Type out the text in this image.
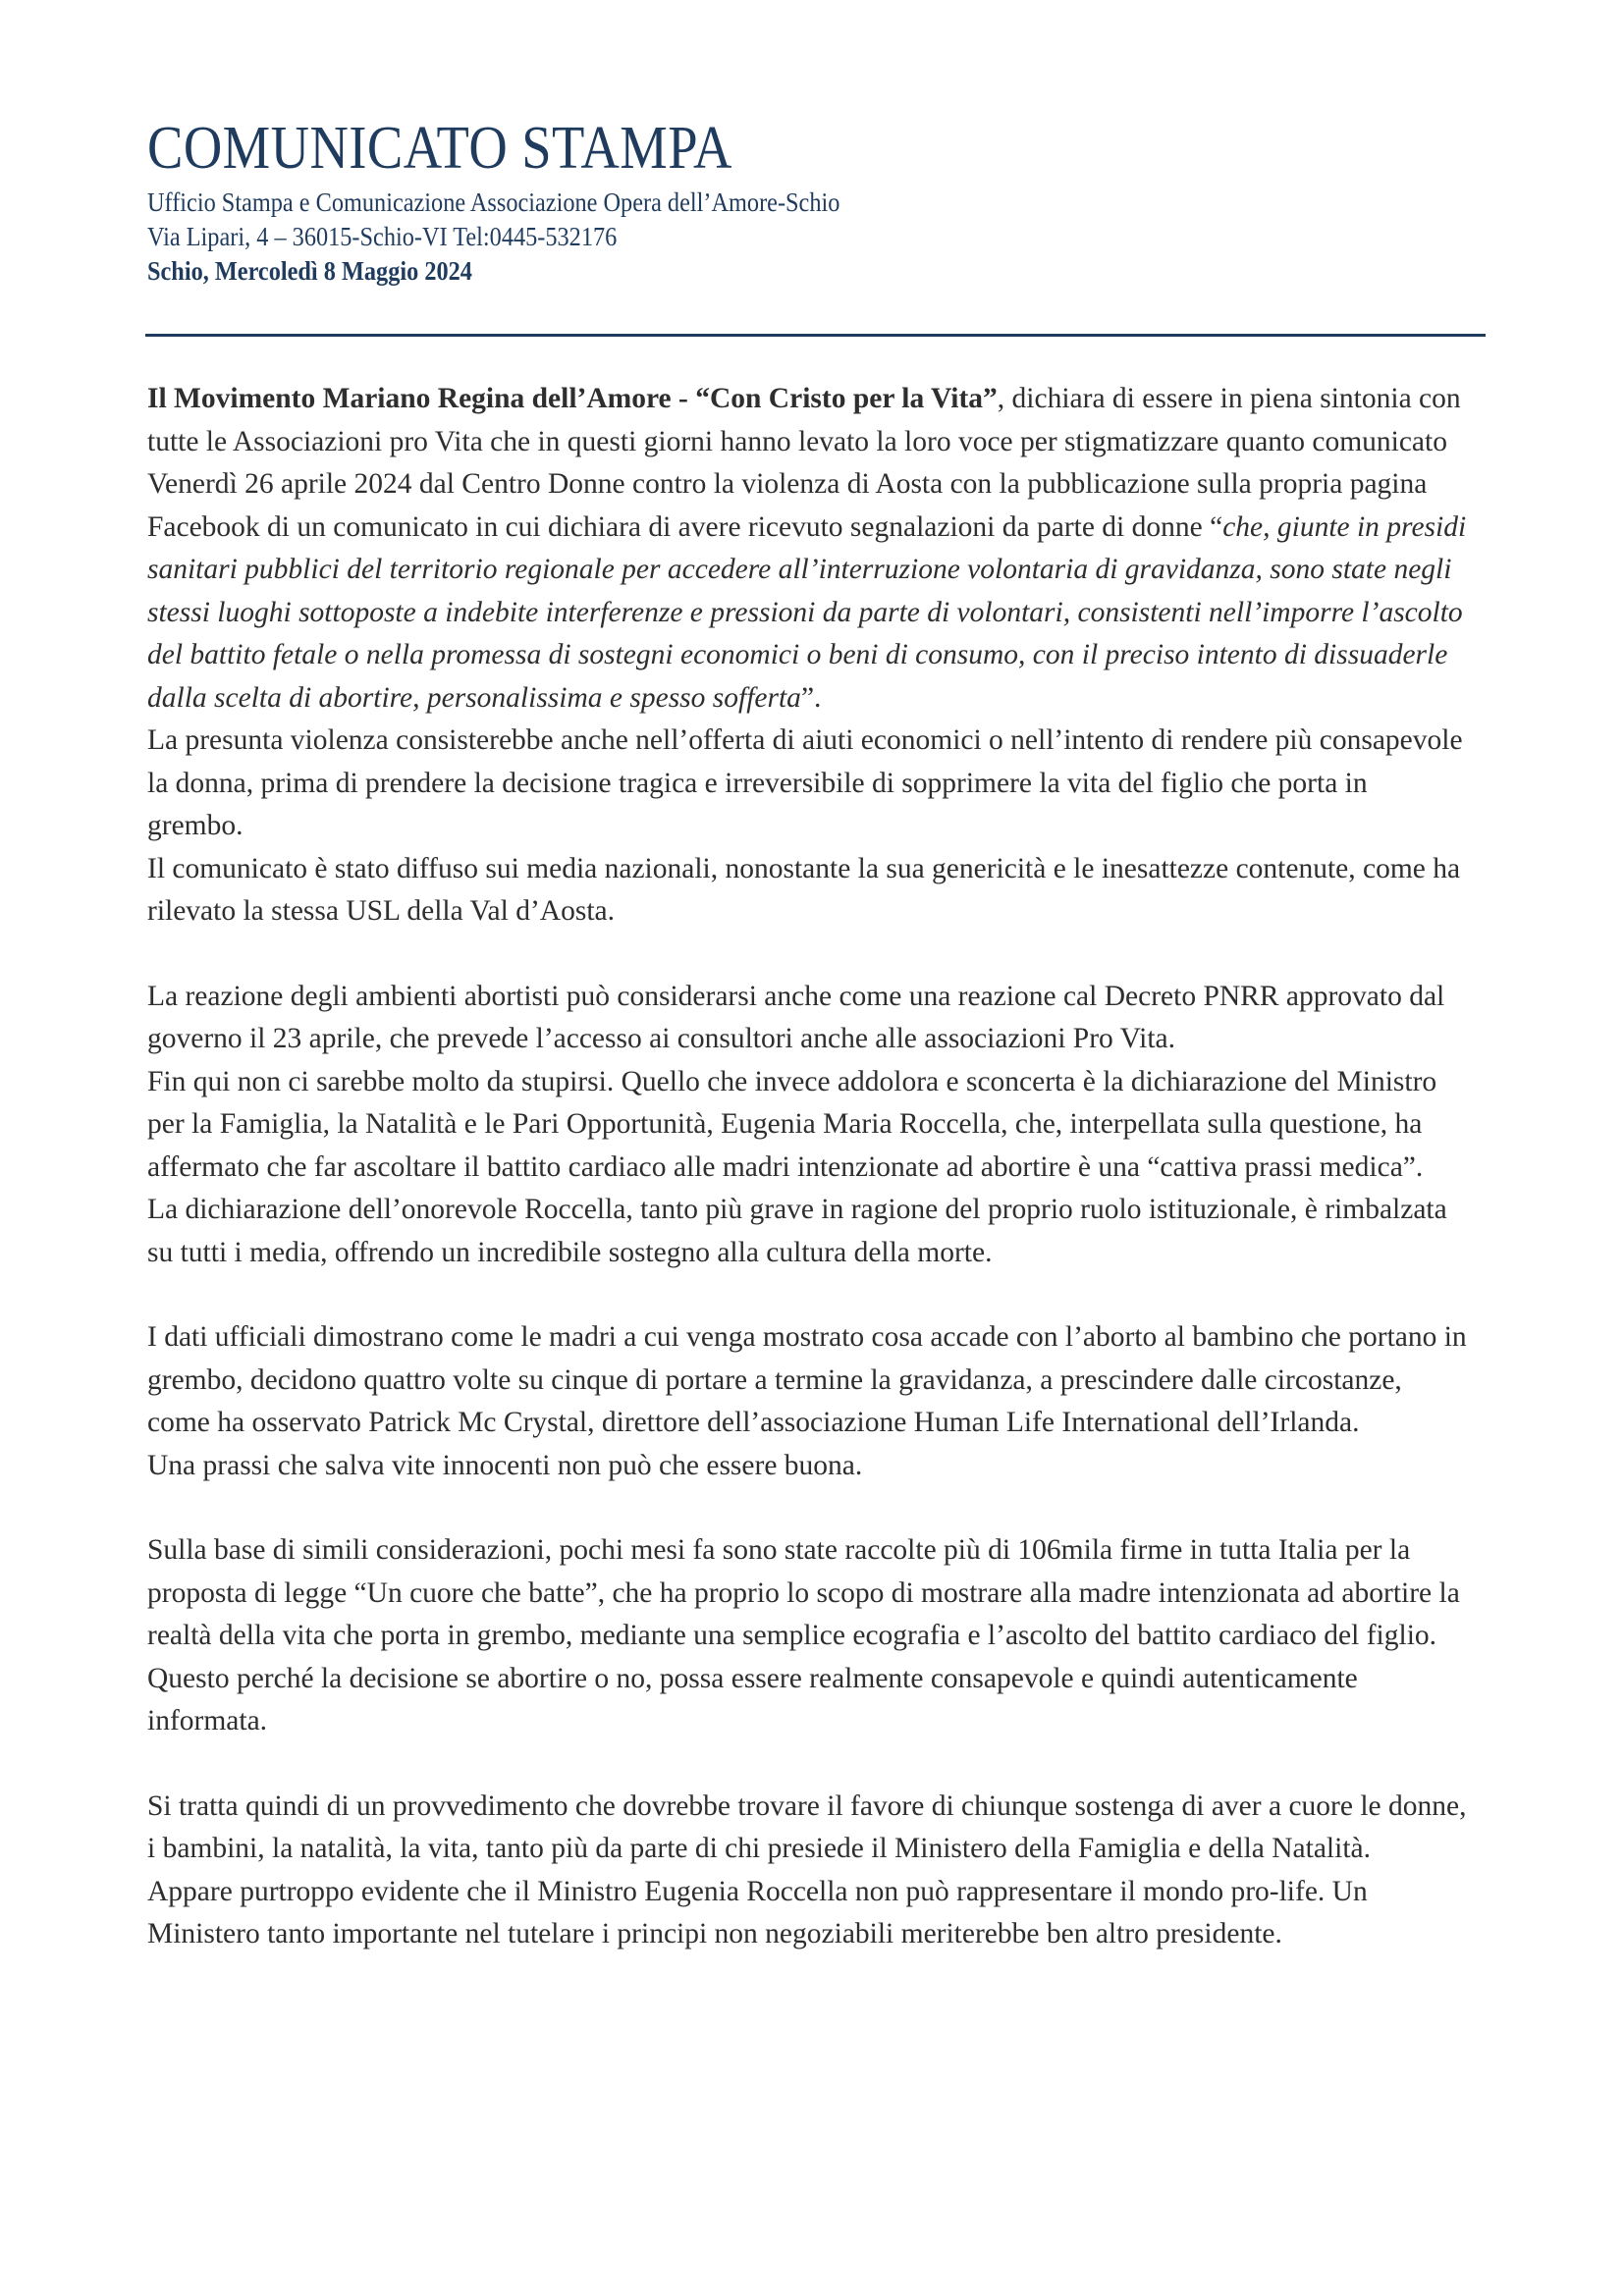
COMUNICATO STAMPA
Ufficio Stampa e Comunicazione Associazione Opera dell’Amore-Schio
Via Lipari, 4 – 36015-Schio-VI Tel:0445-532176
Schio, Mercoledì 8 Maggio 2024

Il Movimento Mariano Regina dell’Amore - “Con Cristo per la Vita”, dichiara di essere in piena sintonia con tutte le Associazioni pro Vita che in questi giorni hanno levato la loro voce per stigmatizzare quanto comunicato Venerdì 26 aprile 2024 dal Centro Donne contro la violenza di Aosta con la pubblicazione sulla propria pagina Facebook di un comunicato in cui dichiara di avere ricevuto segnalazioni da parte di donne “che, giunte in presidi sanitari pubblici del territorio regionale per accedere all’interruzione volontaria di gravidanza, sono state negli stessi luoghi sottoposte a indebite interferenze e pressioni da parte di volontari, consistenti nell’imporre l’ascolto del battito fetale o nella promessa di sostegni economici o beni di consumo, con il preciso intento di dissuaderle dalla scelta di abortire, personalissima e spesso sofferta”.

La presunta violenza consisterebbe anche nell’offerta di aiuti economici o nell’intento di rendere più consapevole la donna, prima di prendere la decisione tragica e irreversibile di sopprimere la vita del figlio che porta in grembo.

Il comunicato è stato diffuso sui media nazionali, nonostante la sua genericità e le inesattezze contenute, come ha rilevato la stessa USL della Val d’Aosta.

La reazione degli ambienti abortisti può considerarsi anche come una reazione cal Decreto PNRR approvato dal governo il 23 aprile, che prevede l’accesso ai consultori anche alle associazioni Pro Vita.

Fin qui non ci sarebbe molto da stupirsi. Quello che invece addolora e sconcerta è la dichiarazione del Ministro per la Famiglia, la Natalità e le Pari Opportunità, Eugenia Maria Roccella, che, interpellata sulla questione, ha affermato che far ascoltare il battito cardiaco alle madri intenzionate ad abortire è una “cattiva prassi medica”.

La dichiarazione dell’onorevole Roccella, tanto più grave in ragione del proprio ruolo istituzionale, è rimbalzata su tutti i media, offrendo un incredibile sostegno alla cultura della morte.

I dati ufficiali dimostrano come le madri a cui venga mostrato cosa accade con l’aborto al bambino che portano in grembo, decidono quattro volte su cinque di portare a termine la gravidanza, a prescindere dalle circostanze, come ha osservato Patrick Mc Crystal, direttore dell’associazione Human Life International dell’Irlanda.

Una prassi che salva vite innocenti non può che essere buona.

Sulla base di simili considerazioni, pochi mesi fa sono state raccolte più di 106mila firme in tutta Italia per la proposta di legge “Un cuore che batte”, che ha proprio lo scopo di mostrare alla madre intenzionata ad abortire la realtà della vita che porta in grembo, mediante una semplice ecografia e l’ascolto del battito cardiaco del figlio.

Questo perché la decisione se abortire o no, possa essere realmente consapevole e quindi autenticamente informata.

Si tratta quindi di un provvedimento che dovrebbe trovare il favore di chiunque sostenga di aver a cuore le donne, i bambini, la natalità, la vita, tanto più da parte di chi presiede il Ministero della Famiglia e della Natalità.

Appare purtroppo evidente che il Ministro Eugenia Roccella non può rappresentare il mondo pro-life. Un Ministero tanto importante nel tutelare i principi non negoziabili meriterebbe ben altro presidente.
